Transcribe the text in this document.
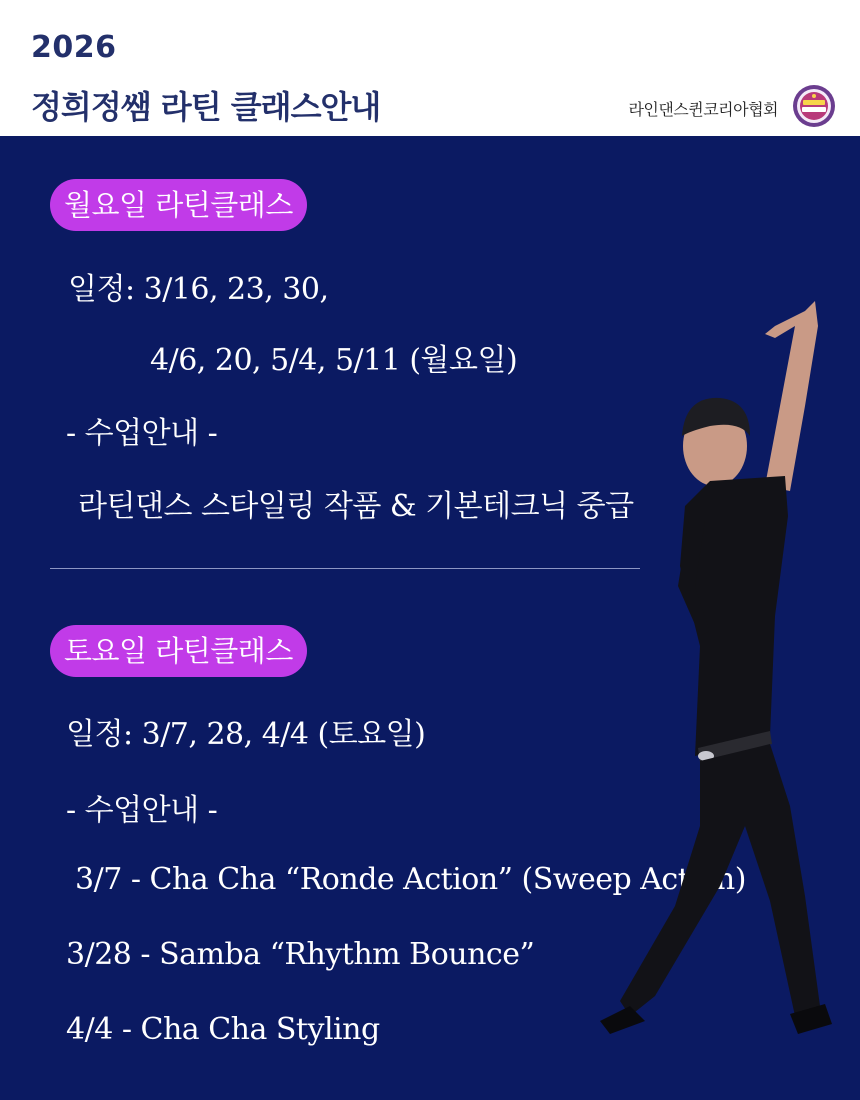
2026
정희정쌤 라틴 클래스안내	라인댄스퀸코리아협회
월요일 라틴클래스
일정: 3/16, 23, 30,
4/6, 20, 5/4, 5/11 (월요일)
- 수업안내 -
라틴댄스 스타일링 작품 & 기본테크닉 중급
토요일 라틴클래스
일정: 3/7, 28, 4/4 (토요일)
- 수업안내 -
3/7 - Cha Cha “Ronde Action” (Sweep Action)
3/28 - Samba “Rhythm Bounce”
4/4 - Cha Cha Styling
